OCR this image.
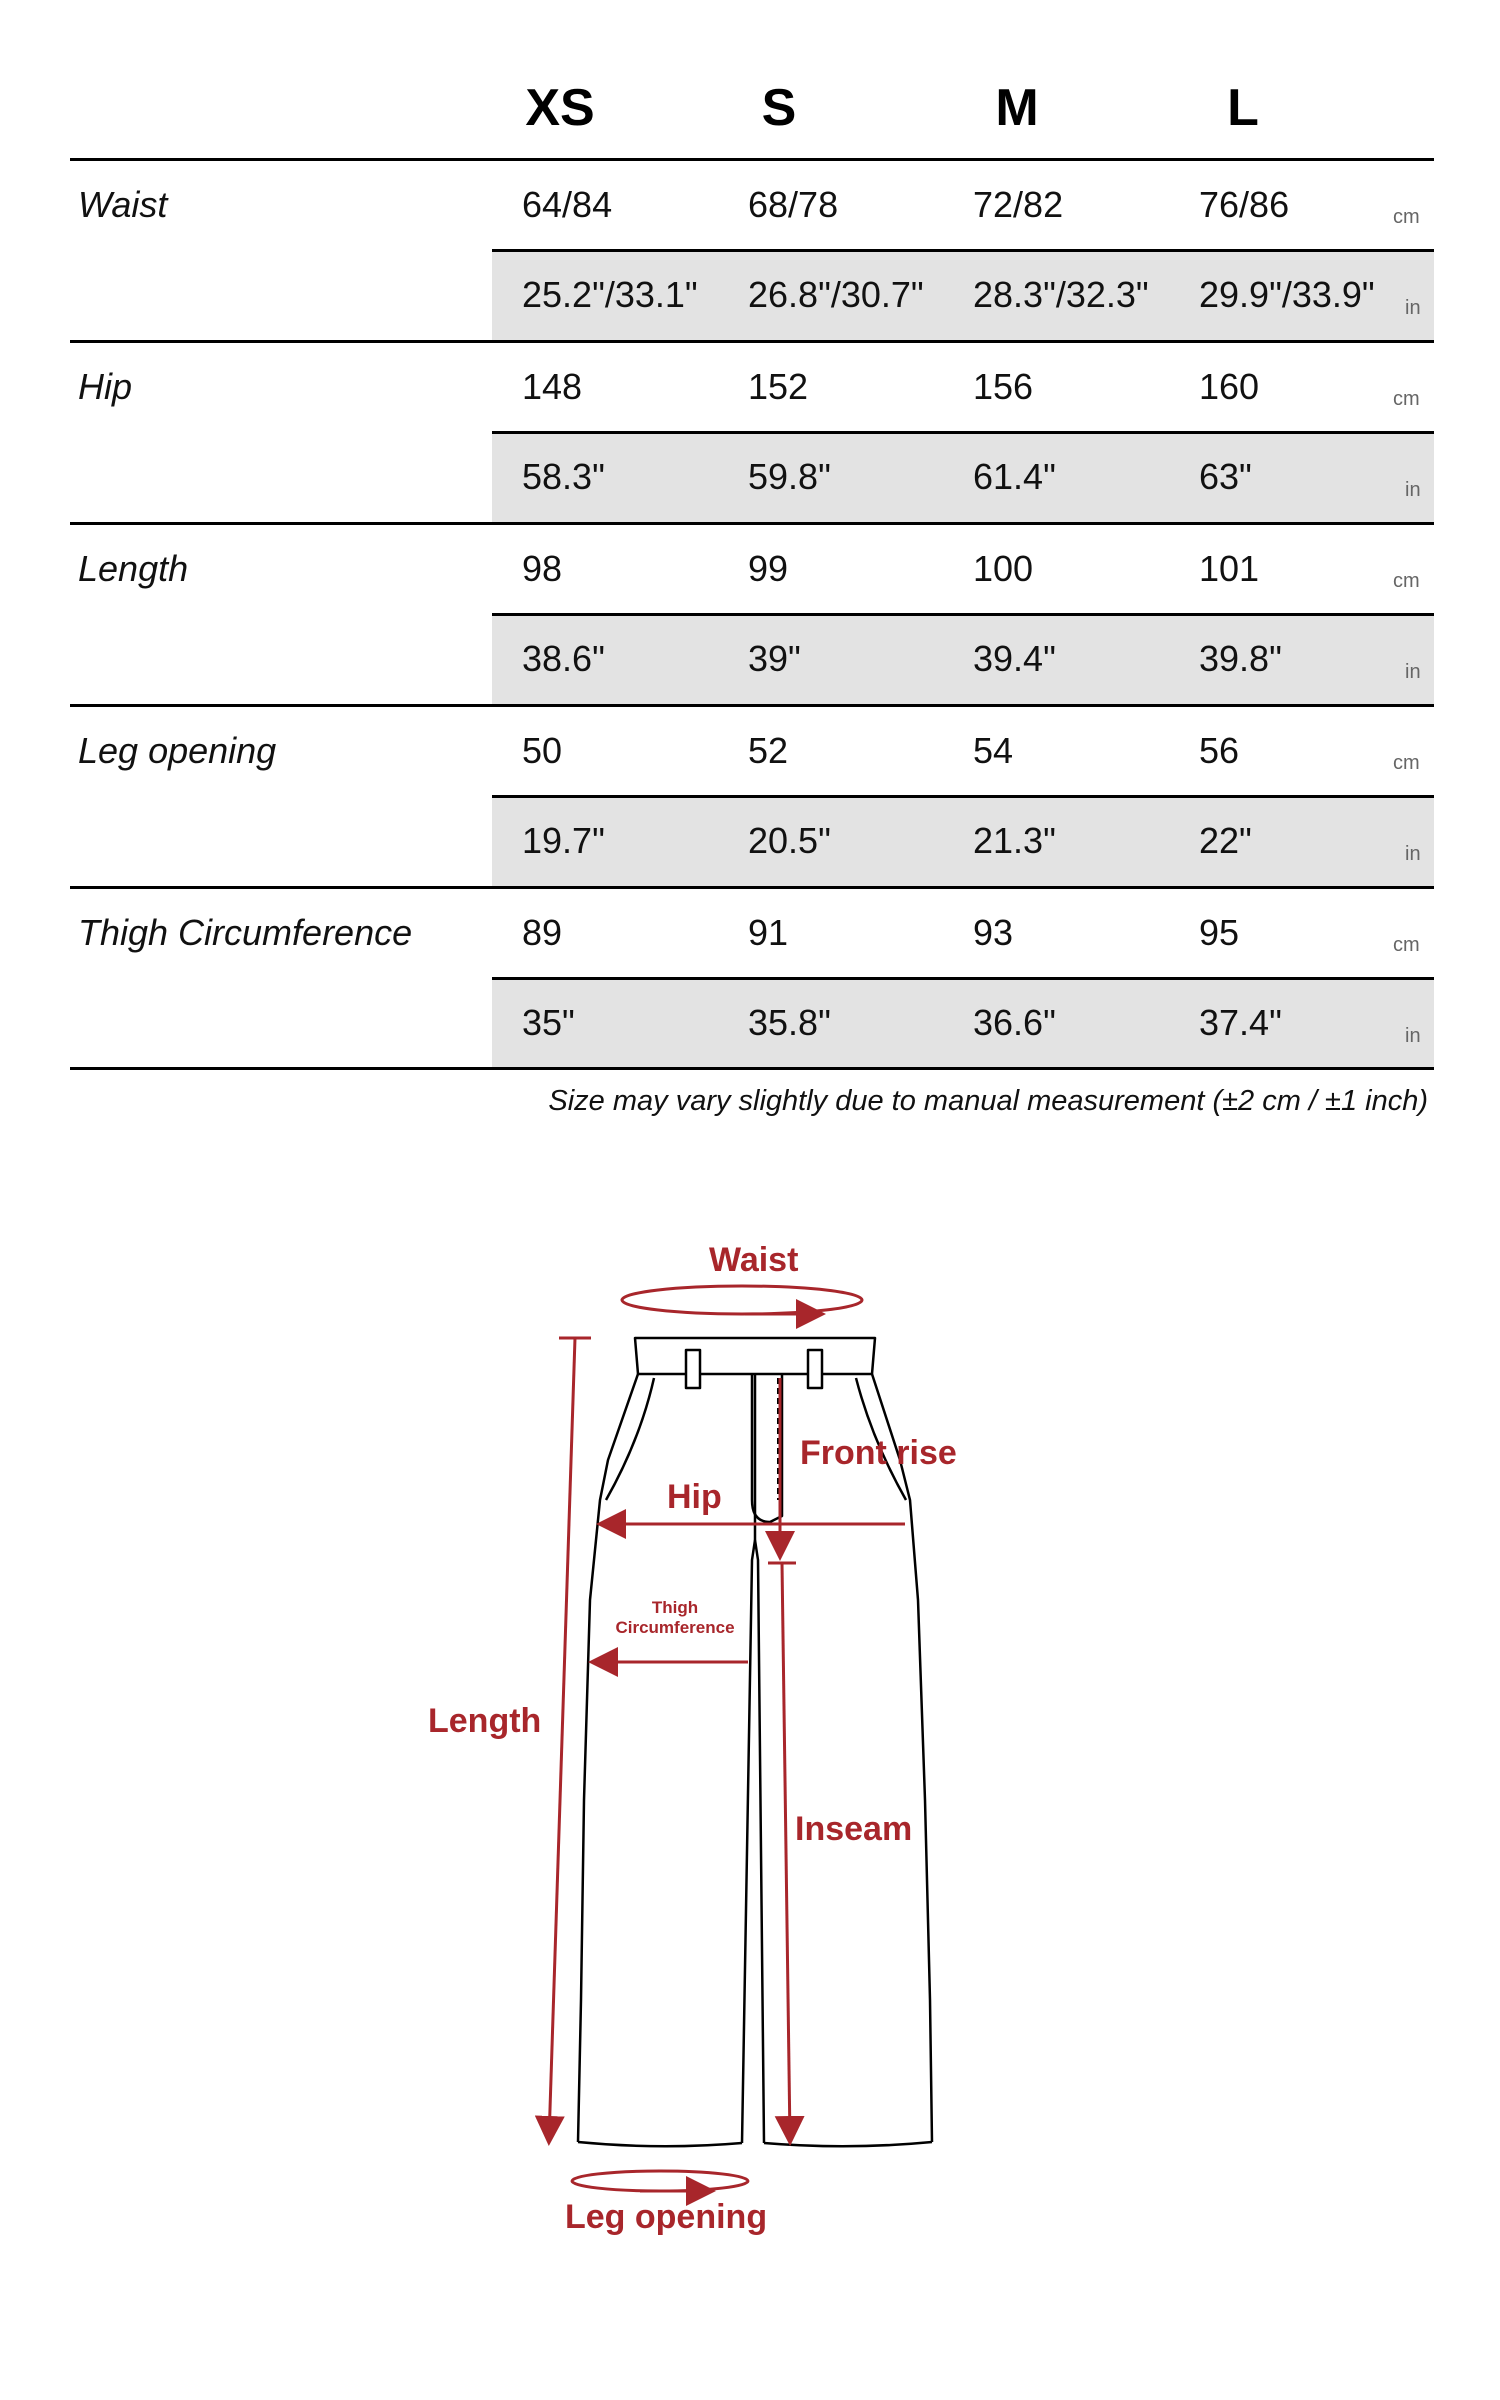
XS	S	M	L
Waist	64/84	68/78	72/82	76/86	cm
25.2"/33.1" 26.8"/30.7" 28.3"/32.3" 29.9"/33.9" in
Hip	148	152	156	160	cm
58.3"	59.8"	61.4"	63"	in
Length	98	99	100	101	cm
38.6"	39"	39.4"	39.8"	in
Leg opening	50	52	54	56	cm
19.7"	20.5"	21.3"	22"	in
Thigh Circumference	89	91	93	95	cm
35"	35.8"	36.6"	37.4"	in
Size may vary slightly due to manual measurement (±2 cm / ±1 inch)
Waist
Front rise
Hip
Thigh
Circumference
Length
Inseam
Leg opening
